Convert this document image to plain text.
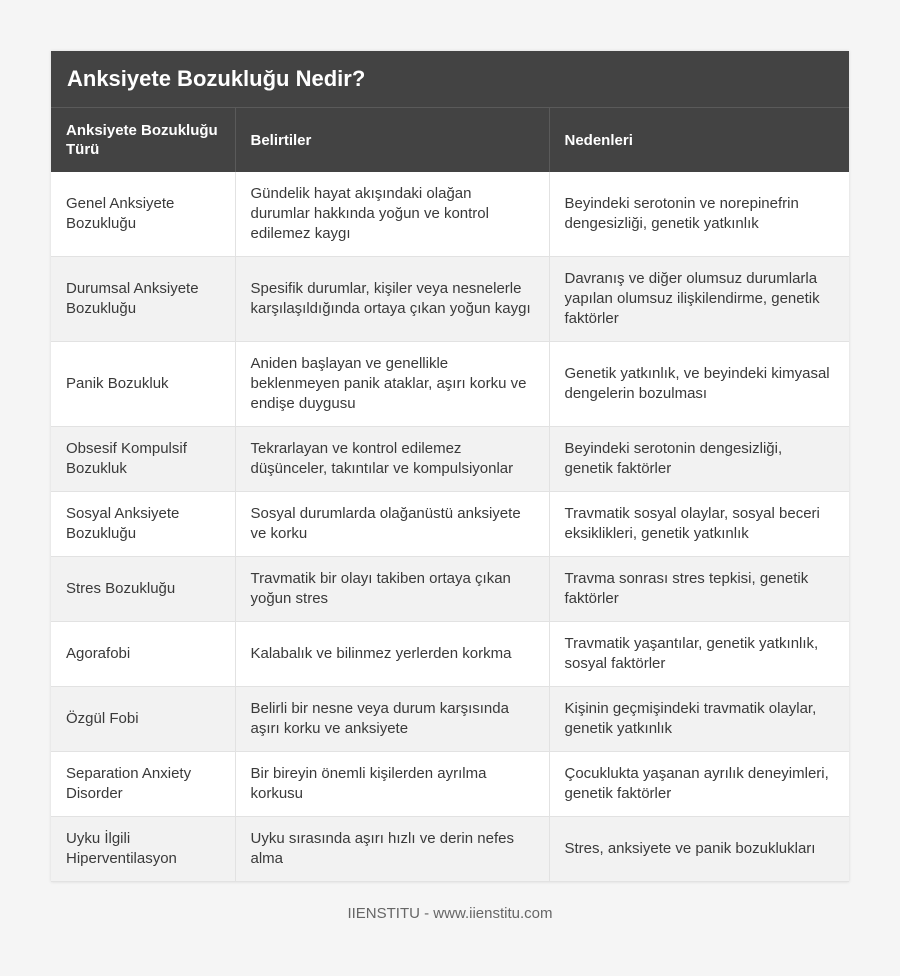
Anksiyete Bozukluğu Nedir?
Anksiyete Bozukluğu Türü	Belirtiler	Nedenleri
Genel Anksiyete Bozukluğu	Gündelik hayat akışındaki olağan durumlar hakkında yoğun ve kontrol edilemez kaygı	Beyindeki serotonin ve norepinefrin dengesizliği, genetik yatkınlık
Durumsal Anksiyete Bozukluğu	Spesifik durumlar, kişiler veya nesnelerle karşılaşıldığında ortaya çıkan yoğun kaygı	Davranış ve diğer olumsuz durumlarla yapılan olumsuz ilişkilendirme, genetik faktörler
Panik Bozukluk	Aniden başlayan ve genellikle beklenmeyen panik ataklar, aşırı korku ve endişe duygusu	Genetik yatkınlık, ve beyindeki kimyasal dengelerin bozulması
Obsesif Kompulsif Bozukluk	Tekrarlayan ve kontrol edilemez düşünceler, takıntılar ve kompulsiyonlar	Beyindeki serotonin dengesizliği, genetik faktörler
Sosyal Anksiyete Bozukluğu	Sosyal durumlarda olağanüstü anksiyete ve korku	Travmatik sosyal olaylar, sosyal beceri eksiklikleri, genetik yatkınlık
Stres Bozukluğu	Travmatik bir olayı takiben ortaya çıkan yoğun stres	Travma sonrası stres tepkisi, genetik faktörler
Agorafobi	Kalabalık ve bilinmez yerlerden korkma	Travmatik yaşantılar, genetik yatkınlık, sosyal faktörler
Özgül Fobi	Belirli bir nesne veya durum karşısında aşırı korku ve anksiyete	Kişinin geçmişindeki travmatik olaylar, genetik yatkınlık
Separation Anxiety Disorder	Bir bireyin önemli kişilerden ayrılma korkusu	Çocuklukta yaşanan ayrılık deneyimleri, genetik faktörler
Uyku İlgili Hiperventilasyon	Uyku sırasında aşırı hızlı ve derin nefes alma	Stres, anksiyete ve panik bozuklukları
IIENSTITU - www.iienstitu.com
